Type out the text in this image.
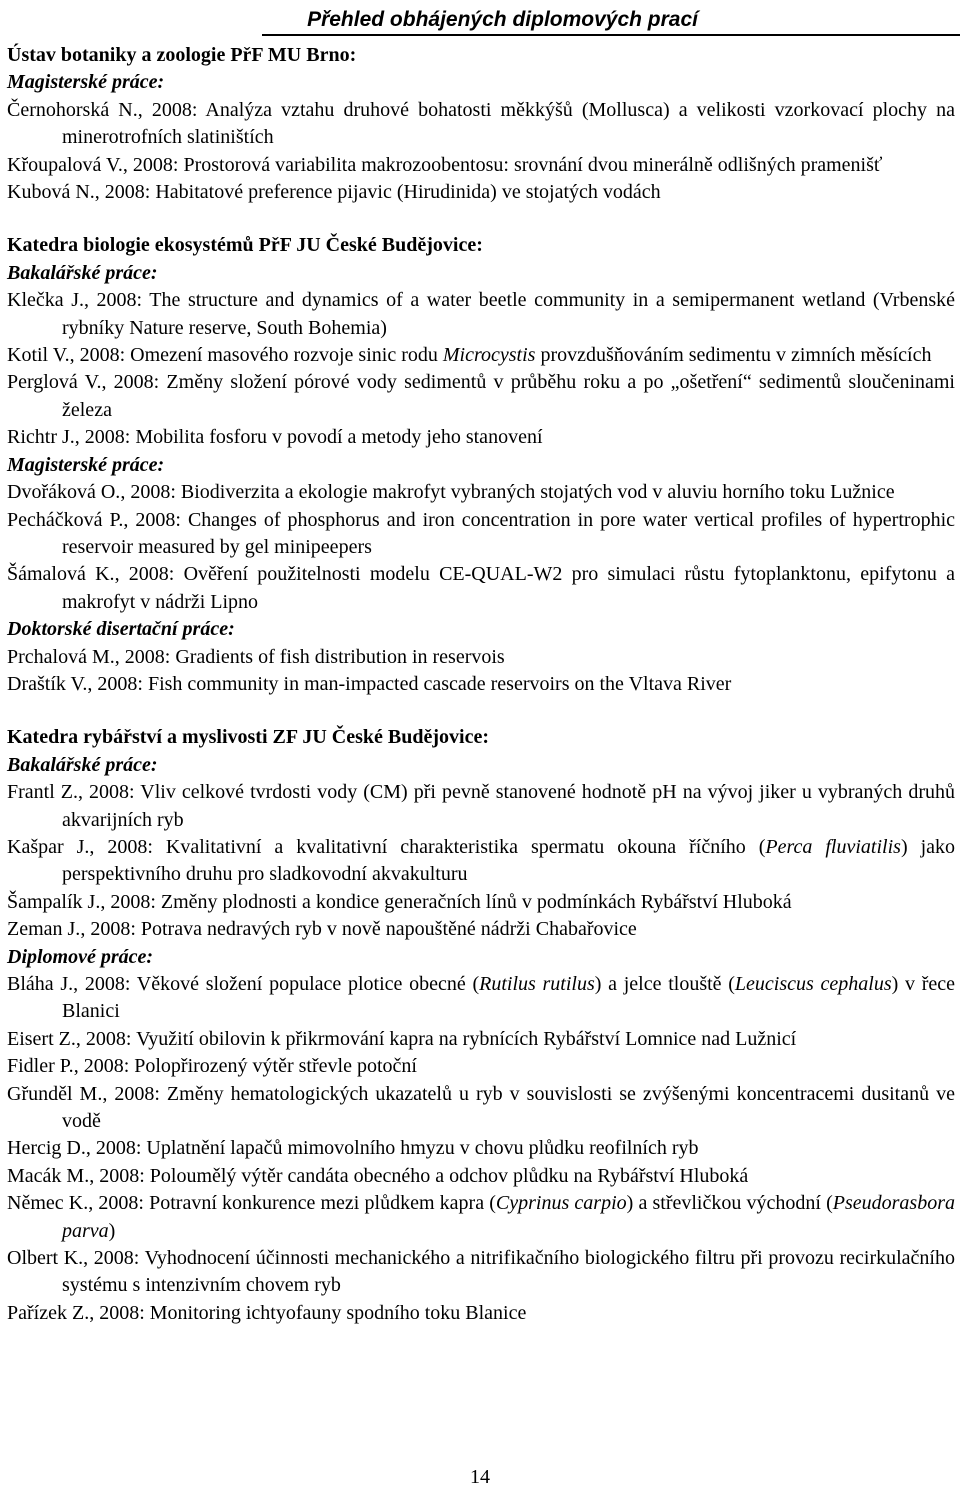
Přehled obhájených diplomových prací

Ústav botaniky a zoologie PřF MU Brno:

Magisterské práce:

Černohorská N., 2008: Analýza vztahu druhové bohatosti měkkýšů (Mollusca) a velikosti vzorkovací plochy na minerotrofních slatiništích

Křoupalová V., 2008: Prostorová variabilita makrozoobentosu: srovnání dvou minerálně odlišných pramenišť

Kubová N., 2008: Habitatové preference pijavic (Hirudinida) ve stojatých vodách

Katedra biologie ekosystémů PřF JU České Budějovice:

Bakalářské práce:

Klečka J., 2008: The structure and dynamics of a water beetle community in a semipermanent wetland (Vrbenské rybníky Nature reserve, South Bohemia)

Kotil V., 2008: Omezení masového rozvoje sinic rodu Microcystis provzdušňováním sedimentu v zimních měsících

Perglová V., 2008: Změny složení pórové vody sedimentů v průběhu roku a po „ošetření“ sedimentů sloučeninami železa

Richtr J., 2008: Mobilita fosforu v povodí a metody jeho stanovení

Magisterské práce:

Dvořáková O., 2008: Biodiverzita a ekologie makrofyt vybraných stojatých vod v aluviu horního toku Lužnice

Pecháčková P., 2008: Changes of phosphorus and iron concentration in pore water vertical profiles of hypertrophic reservoir measured by gel minipeepers

Šámalová K., 2008: Ověření použitelnosti modelu CE-QUAL-W2 pro simulaci růstu fytoplanktonu, epifytonu a makrofyt v nádrži Lipno

Doktorské disertační práce:

Prchalová M., 2008: Gradients of fish distribution in reservois

Draštík V., 2008: Fish community in man-impacted cascade reservoirs on the Vltava River

Katedra rybářství a myslivosti ZF JU České Budějovice:

Bakalářské práce:

Frantl Z., 2008: Vliv celkové tvrdosti vody (CM) při pevně stanovené hodnotě pH na vývoj jiker u vybraných druhů akvarijních ryb

Kašpar J., 2008: Kvalitativní a kvalitativní charakteristika spermatu okouna říčního (Perca fluviatilis) jako perspektivního druhu pro sladkovodní akvakulturu

Šampalík J., 2008: Změny plodnosti a kondice generačních línů v podmínkách Rybářství Hluboká

Zeman J., 2008: Potrava nedravých ryb v nově napouštěné nádrži Chabařovice

Diplomové práce:

Bláha J., 2008: Věkové složení populace plotice obecné (Rutilus rutilus) a jelce tlouště (Leuciscus cephalus) v řece Blanici

Eisert Z., 2008: Využití obilovin k přikrmování kapra na rybnících Rybářství Lomnice nad Lužnicí

Fidler P., 2008: Polopřirozený výtěr střevle potoční

Gřunděl M., 2008: Změny hematologických ukazatelů u ryb v souvislosti se zvýšenými koncentracemi dusitanů ve vodě

Hercig D., 2008: Uplatnění lapačů mimovolního hmyzu v chovu plůdku reofilních ryb

Macák M., 2008: Poloumělý výtěr candáta obecného a odchov plůdku na Rybářství Hluboká

Němec K., 2008: Potravní konkurence mezi plůdkem kapra (Cyprinus carpio) a střevličkou východní (Pseudorasbora parva)

Olbert K., 2008: Vyhodnocení účinnosti mechanického a nitrifikačního biologického filtru při provozu recirkulačního systému s intenzivním chovem ryb

Pařízek Z., 2008: Monitoring ichtyofauny spodního toku Blanice

14
